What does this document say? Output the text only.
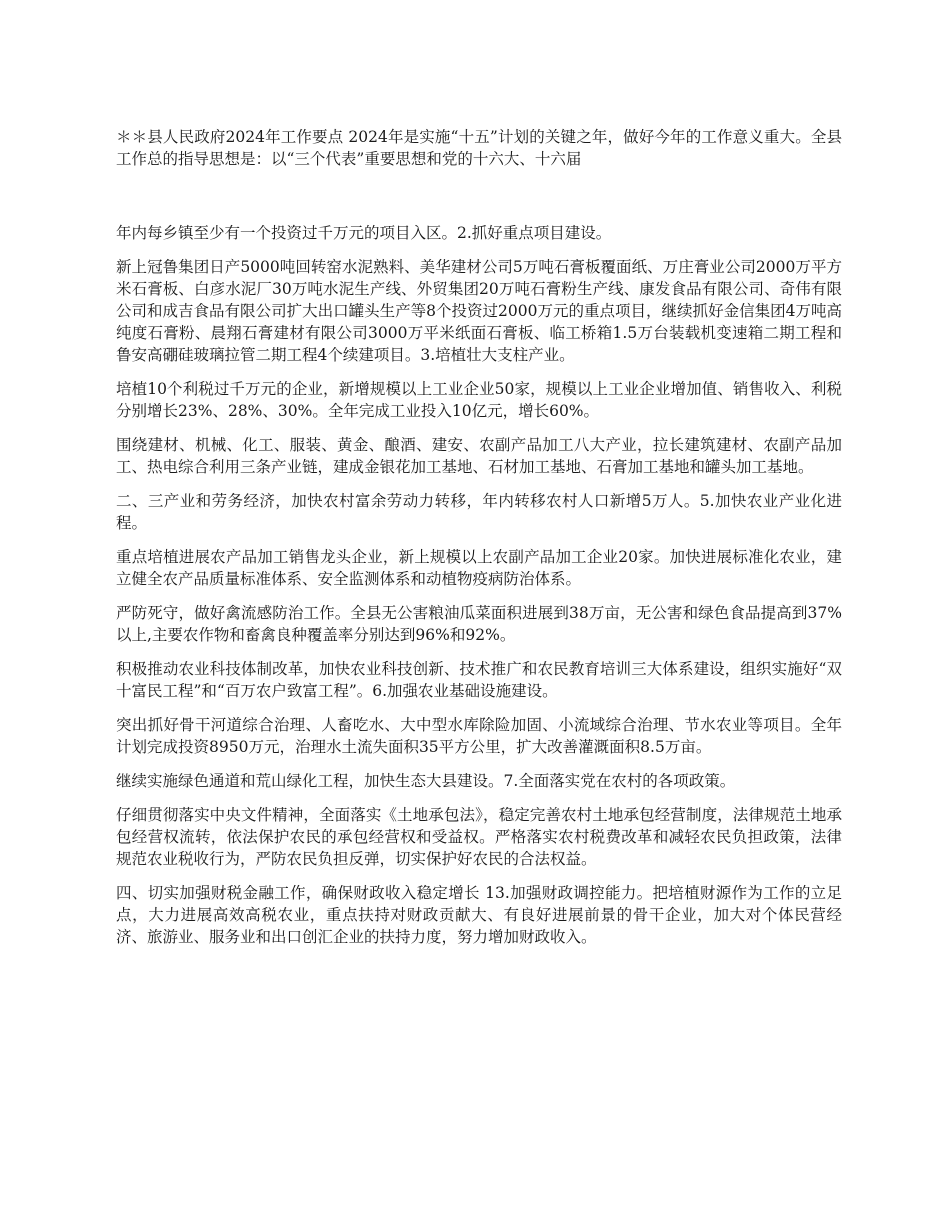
＊＊县人民政府2024年工作要点 2024年是实施“十五”计划的关键之年，做好今年的工作意义重大。全县工作总的指导思想是：以“三个代表”重要思想和党的十六大、十六届

年内每乡镇至少有一个投资过千万元的项目入区。2.抓好重点项目建设。

新上冠鲁集团日产5000吨回转窑水泥熟料、美华建材公司5万吨石膏板覆面纸、万庄膏业公司2000万平方米石膏板、白彦水泥厂30万吨水泥生产线、外贸集团20万吨石膏粉生产线、康发食品有限公司、奇伟有限公司和成吉食品有限公司扩大出口罐头生产等8个投资过2000万元的重点项目，继续抓好金信集团4万吨高纯度石膏粉、晨翔石膏建材有限公司3000万平米纸面石膏板、临工桥箱1.5万台装载机变速箱二期工程和鲁安高硼硅玻璃拉管二期工程4个续建项目。3.培植壮大支柱产业。

培植10个利税过千万元的企业，新增规模以上工业企业50家，规模以上工业企业增加值、销售收入、利税分别增长23%、28%、30%。全年完成工业投入10亿元，增长60%。

围绕建材、机械、化工、服装、黄金、酿酒、建安、农副产品加工八大产业，拉长建筑建材、农副产品加工、热电综合利用三条产业链，建成金银花加工基地、石材加工基地、石膏加工基地和罐头加工基地。

二、三产业和劳务经济，加快农村富余劳动力转移，年内转移农村人口新增5万人。5.加快农业产业化进程。

重点培植进展农产品加工销售龙头企业，新上规模以上农副产品加工企业20家。加快进展标准化农业，建立健全农产品质量标准体系、安全监测体系和动植物疫病防治体系。

严防死守，做好禽流感防治工作。全县无公害粮油瓜菜面积进展到38万亩，无公害和绿色食品提高到37%以上,主要农作物和畜禽良种覆盖率分别达到96%和92%。

积极推动农业科技体制改革，加快农业科技创新、技术推广和农民教育培训三大体系建设，组织实施好“双十富民工程”和“百万农户致富工程”。6.加强农业基础设施建设。

突出抓好骨干河道综合治理、人畜吃水、大中型水库除险加固、小流域综合治理、节水农业等项目。全年计划完成投资8950万元，治理水土流失面积35平方公里，扩大改善灌溉面积8.5万亩。

继续实施绿色通道和荒山绿化工程，加快生态大县建设。7.全面落实党在农村的各项政策。

仔细贯彻落实中央文件精神，全面落实《土地承包法》，稳定完善农村土地承包经营制度，法律规范土地承包经营权流转，依法保护农民的承包经营权和受益权。严格落实农村税费改革和减轻农民负担政策，法律规范农业税收行为，严防农民负担反弹，切实保护好农民的合法权益。

四、切实加强财税金融工作，确保财政收入稳定增长 13.加强财政调控能力。把培植财源作为工作的立足点，大力进展高效高税农业，重点扶持对财政贡献大、有良好进展前景的骨干企业，加大对个体民营经济、旅游业、服务业和出口创汇企业的扶持力度，努力增加财政收入。
